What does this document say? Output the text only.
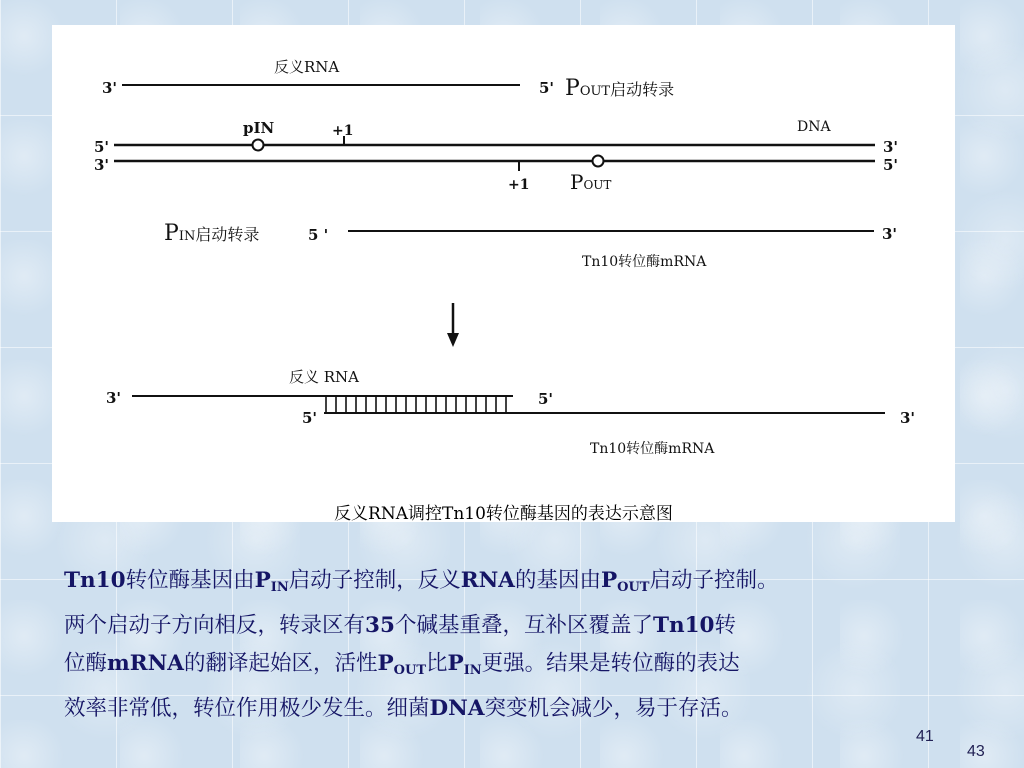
3'
反义RNA
5' POUT启动转录
DNA
5'	3'
3'	5'
pIN	+1
+1 POUT
PIN启动转录	5 '	3'
Tn10转位酶mRNA
反义 RNA
3'	5'
5'	3'
Tn10转位酶mRNA
反义RNA调控Tn10转位酶基因的表达示意图
Tn10转位酶基因由$P_{IN}$启动子控制，反义RNA的基因由$P_{OUT}$启动子控制。
两个启动子方向相反，转录区有35个碱基重叠，互补区覆盖了Tn10转
位酶mRNA的翻译起始区，活性$P_{OUT}$比$P_{IN}$更强。结果是转位酶的表达
效率非常低，转位作用极少发生。细菌DNA突变机会减少，易于存活。
41
43
